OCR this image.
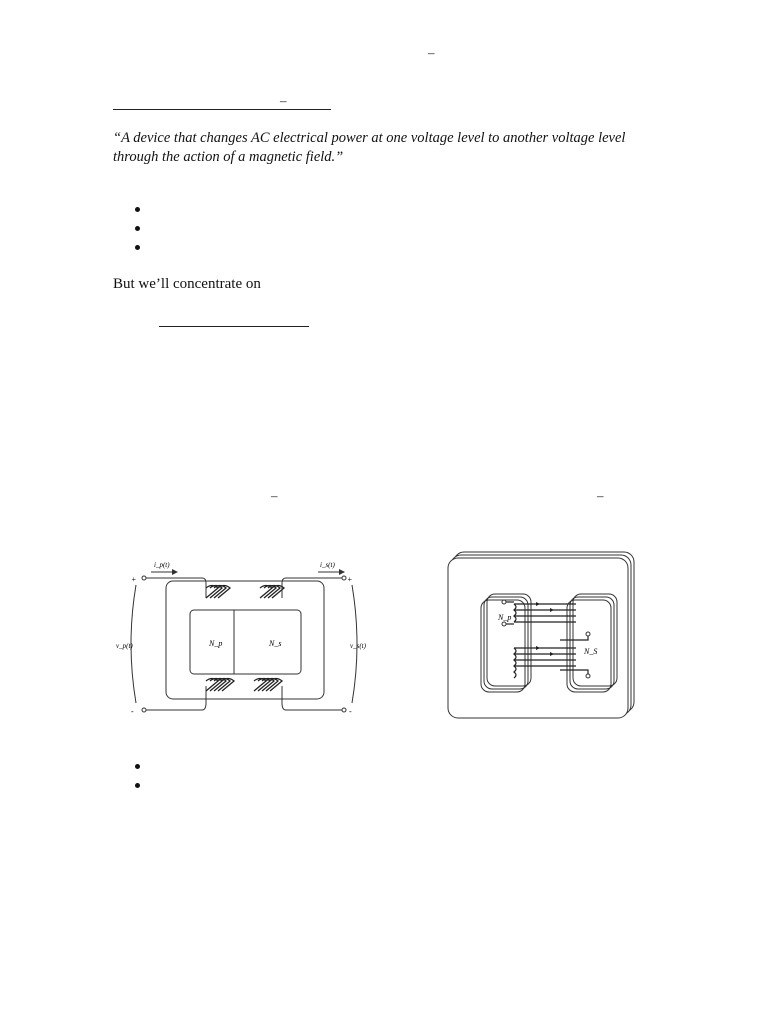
–
–
“A device that changes AC electrical power at one voltage level to another voltage level through the action of a magnetic field.”
But we’ll concentrate on
–	–
i_p(t)	i_s(t)
v_p(t)	v_s(t)
N_p	N_s
+	+
-	-
N_p
N_S
